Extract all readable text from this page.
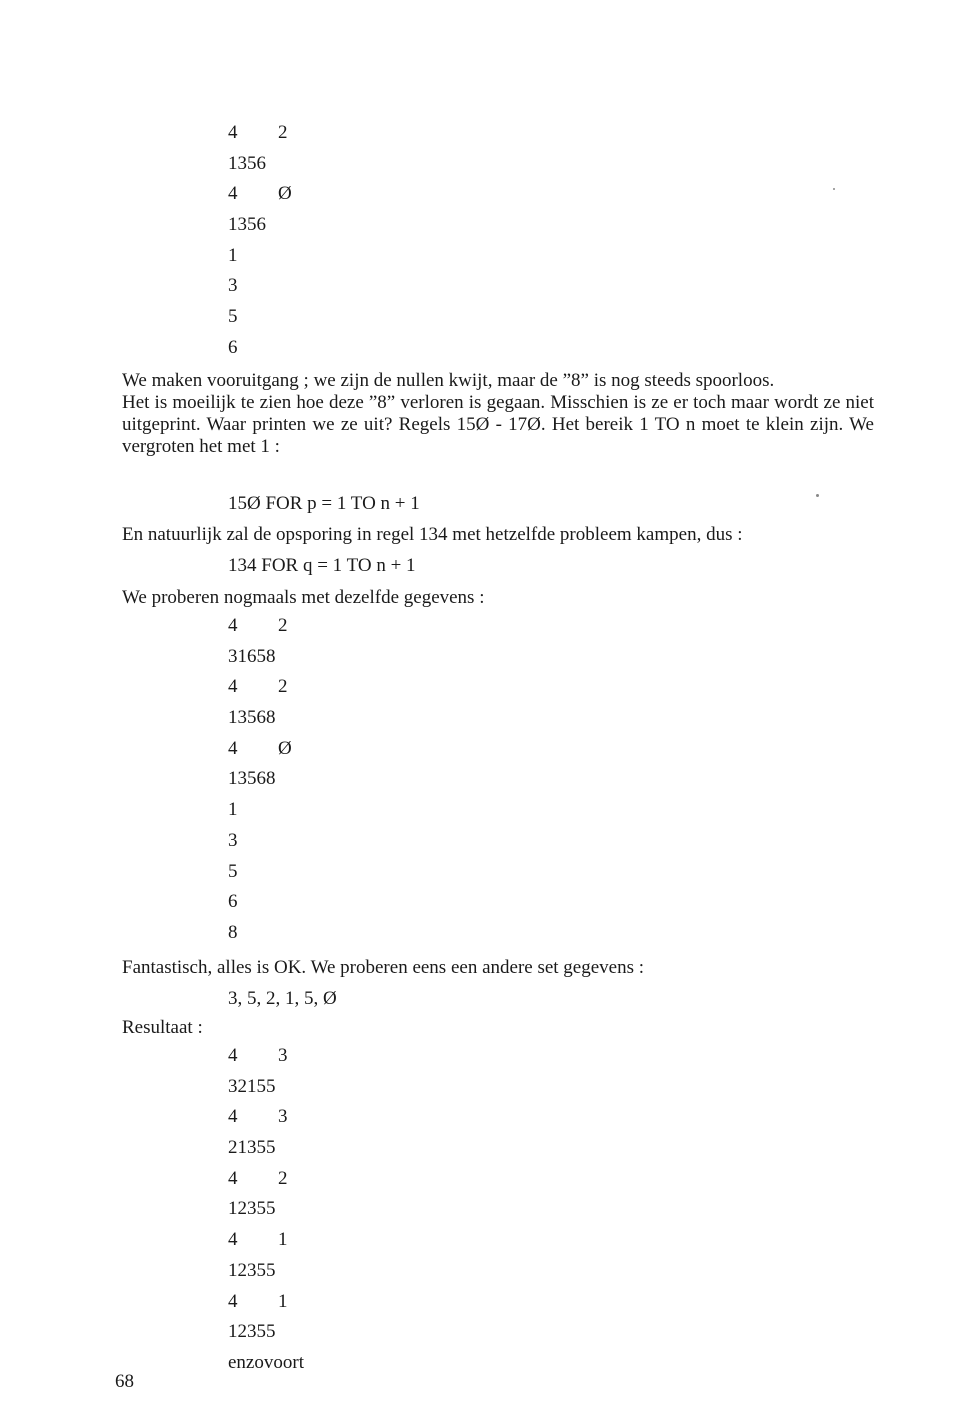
4 2
1356
4 Ø
1356
1
3
5
6

We maken vooruitgang ; we zijn de nullen kwijt, maar de ”8” is nog steeds spoorloos.

Het is moeilijk te zien hoe deze ”8” verloren is gegaan. Misschien is ze er toch maar wordt ze niet uitgeprint. Waar printen we ze uit? Regels 15Ø - 17Ø. Het bereik 1 TO n moet te klein zijn. We vergroten het met 1 :

15Ø FOR p = 1 TO n + 1
En natuurlijk zal de opsporing in regel 134 met hetzelfde probleem kampen, dus :
134 FOR q = 1 TO n + 1
We proberen nogmaals met dezelfde gegevens :
4 2
31658
4 2
13568
4 Ø
13568
1
3
5
6
8
Fantastisch, alles is OK. We proberen eens een andere set gegevens :
3, 5, 2, 1, 5, Ø
Resultaat :
4 3
32155
4 3
21355
4 2
12355
4 1
12355
4 1
12355
enzovoort
68
